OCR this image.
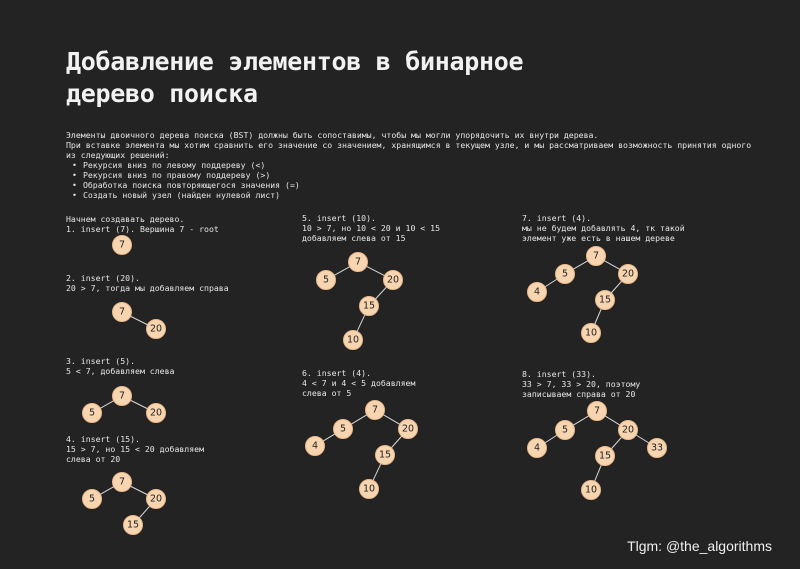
Добавление элементов в бинарное
дерево поиска

Элементы двоичного дерева поиска (BST) должны быть сопоставимы, чтобы мы могли упорядочить их внутри дерева.

При вставке элемента мы хотим сравнить его значение со значением, хранящимся в текущем узле, и мы рассматриваем возможность принятия одного из следующих решений:

• Рекурсия вниз по левому поддереву (<)
• Рекурсия вниз по правому поддереву (>)
• Обработка поиска повторяющегося значения (=)
• Создать новый узел (найден нулевой лист)
Начнем создавать дерево.
1. insert (7). Вершина 7 - root
2. insert (20).
20 > 7, тогда мы добавляем справа
3. insert (5).
5 < 7, добавляем слева
4. insert (15).
15 > 7, но 15 < 20 добавляем
слева от 20
5. insert (10).
10 > 7, но 10 < 20 и 10 < 15
добавляем слева от 15
6. insert (4).
4 < 7 и 4 < 5 добавляем
слева от 5
7. insert (4).
мы не будем добавлять 4, тк такой
элемент уже есть в нашем дереве
8. insert (33).
33 > 7, 33 > 20, поэтому
записываем справа от 20
7
7
20
7
5	20
7
5	20
15
7
5	20
15
10
7
5	20
15
10
4
7
5	20
15
10
4
7
5	20
15
10
4	33
Tlgm: @the_algorithms
